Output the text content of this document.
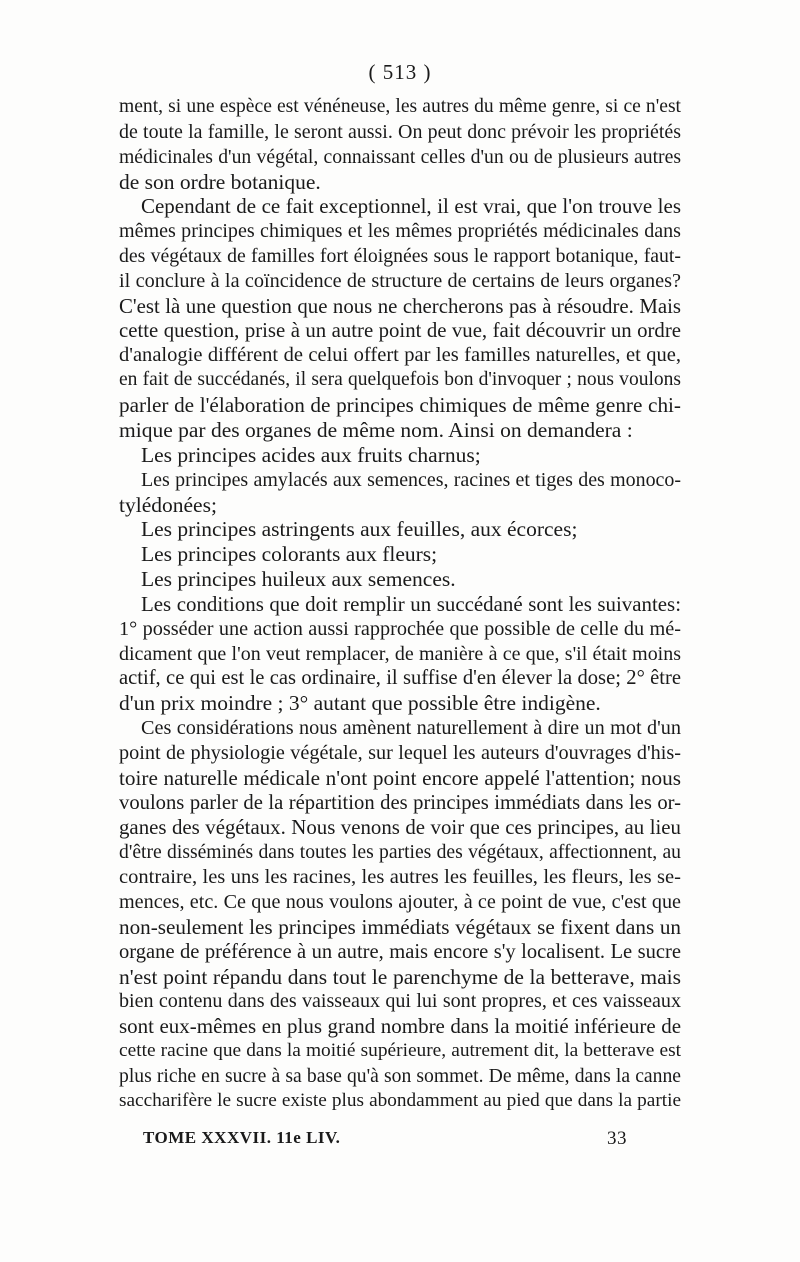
( 513 )
ment, si une espèce est vénéneuse, les autres du même genre, si ce n'est
de toute la famille, le seront aussi. On peut donc prévoir les propriétés
médicinales d'un végétal, connaissant celles d'un ou de plusieurs autres
de son ordre botanique.
Cependant de ce fait exceptionnel, il est vrai, que l'on trouve les
mêmes principes chimiques et les mêmes propriétés médicinales dans
des végétaux de familles fort éloignées sous le rapport botanique, faut-
il conclure à la coïncidence de structure de certains de leurs organes?
C'est là une question que nous ne chercherons pas à résoudre. Mais
cette question, prise à un autre point de vue, fait découvrir un ordre
d'analogie différent de celui offert par les familles naturelles, et que,
en fait de succédanés, il sera quelquefois bon d'invoquer ; nous voulons
parler de l'élaboration de principes chimiques de même genre chi-
mique par des organes de même nom. Ainsi on demandera :
Les principes acides aux fruits charnus;
Les principes amylacés aux semences, racines et tiges des monoco-
tylédonées;
Les principes astringents aux feuilles, aux écorces;
Les principes colorants aux fleurs;
Les principes huileux aux semences.
Les conditions que doit remplir un succédané sont les suivantes:
1° posséder une action aussi rapprochée que possible de celle du mé-
dicament que l'on veut remplacer, de manière à ce que, s'il était moins
actif, ce qui est le cas ordinaire, il suffise d'en élever la dose; 2° être
d'un prix moindre ; 3° autant que possible être indigène.
Ces considérations nous amènent naturellement à dire un mot d'un
point de physiologie végétale, sur lequel les auteurs d'ouvrages d'his-
toire naturelle médicale n'ont point encore appelé l'attention; nous
voulons parler de la répartition des principes immédiats dans les or-
ganes des végétaux. Nous venons de voir que ces principes, au lieu
d'être disséminés dans toutes les parties des végétaux, affectionnent, au
contraire, les uns les racines, les autres les feuilles, les fleurs, les se-
mences, etc. Ce que nous voulons ajouter, à ce point de vue, c'est que
non-seulement les principes immédiats végétaux se fixent dans un
organe de préférence à un autre, mais encore s'y localisent. Le sucre
n'est point répandu dans tout le parenchyme de la betterave, mais
bien contenu dans des vaisseaux qui lui sont propres, et ces vaisseaux
sont eux-mêmes en plus grand nombre dans la moitié inférieure de
cette racine que dans la moitié supérieure, autrement dit, la betterave est
plus riche en sucre à sa base qu'à son sommet. De même, dans la canne
saccharifère le sucre existe plus abondamment au pied que dans la partie
TOME XXXVII. 11e LIV.	33
